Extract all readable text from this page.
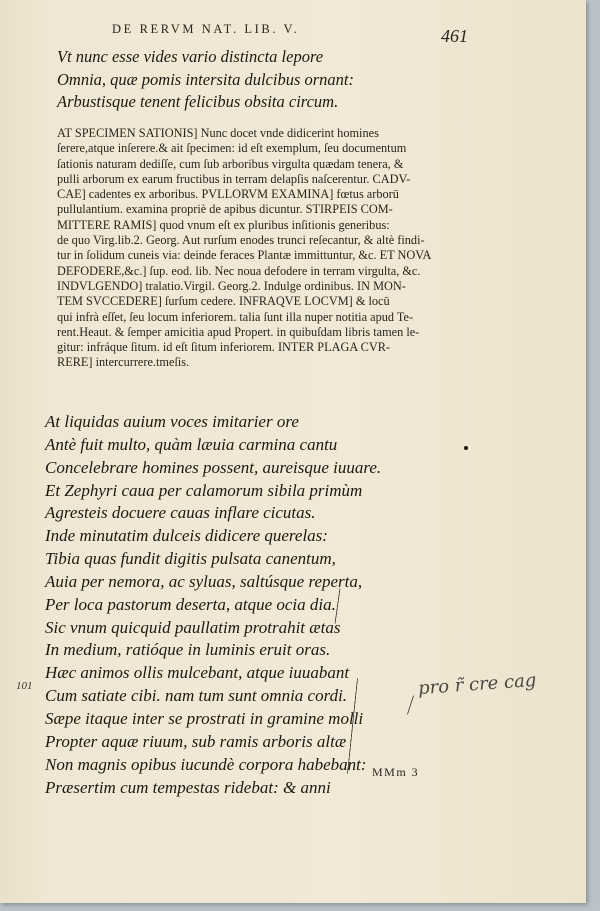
DE RERVM NAT. LIB. V.	461
Vt nunc esse vides vario distincta lepore
Omnia, quæ pomis intersita dulcibus ornant:
Arbustisque tenent felicibus obsita circum.
AT SPECIMEN SATIONIS] Nunc docet vnde didicerint homines
ſerere,atque inſerere.& ait ſpecimen: id eſt exemplum, ſeu documentum
ſationis naturam dediſſe, cum ſub arboribus virgulta quædam tenera, &
pulli arborum ex earum fructibus in terram delapſis naſcerentur. CADV-
CAE] cadentes ex arboribus. PVLLORVM EXAMINA] fœtus arborū
pullulantium. examina propriè de apibus dicuntur. STIRPEIS COM-
MITTERE RAMIS] quod vnum eſt ex pluribus inſitionis generibus:
de quo Virg.lib.2. Georg. Aut rurſum enodes trunci reſecantur, & altè findi-
tur in ſolidum cuneis via: deinde feraces Plantæ immittuntur, &c. ET NOVA
DEFODERE,&c.] ſup. eod. lib. Nec noua defodere in terram virgulta, &c.
INDVLGENDO] tralatio.Virgil. Georg.2. Indulge ordinibus. IN MON-
TEM SVCCEDERE] ſurſum cedere. INFRAQVE LOCVM] & locū
qui infrà eſſet, ſeu locum inferiorem. talia ſunt illa nuper notitia apud Te-
rent.Heaut. & ſemper amicitia apud Propert. in quibuſdam libris tamen le-
gitur: infráque ſitum. id eſt ſitum inferiorem. INTER PLAGA CVR-
RERE] intercurrere.tmeſis.
At liquidas auium voces imitarier ore
Antè fuit multo, quàm læuia carmina cantu
Concelebrare homines possent, aureisque iuuare.
Et Zephyri caua per calamorum sibila primùm
Agresteis docuere cauas inflare cicutas.
Inde minutatim dulceis didicere querelas:
Tibia quas fundit digitis pulsata canentum,
Auia per nemora, ac syluas, saltúsque reperta,
Per loca pastorum deserta, atque ocia dia.
Sic vnum quicquid paullatim protrahit ætas
In medium, ratióque in luminis eruit oras.
Hæc animos ollis mulcebant, atque iuuabant
Cum satiate cibi. nam tum sunt omnia cordi.
Sæpe itaque inter se prostrati in gramine molli
Propter aquæ riuum, sub ramis arboris altæ
Non magnis opibus iucundè corpora habebant:
Præsertim cum tempestas ridebat: & anni
101	pro r̃ cre cag
MMm 3
